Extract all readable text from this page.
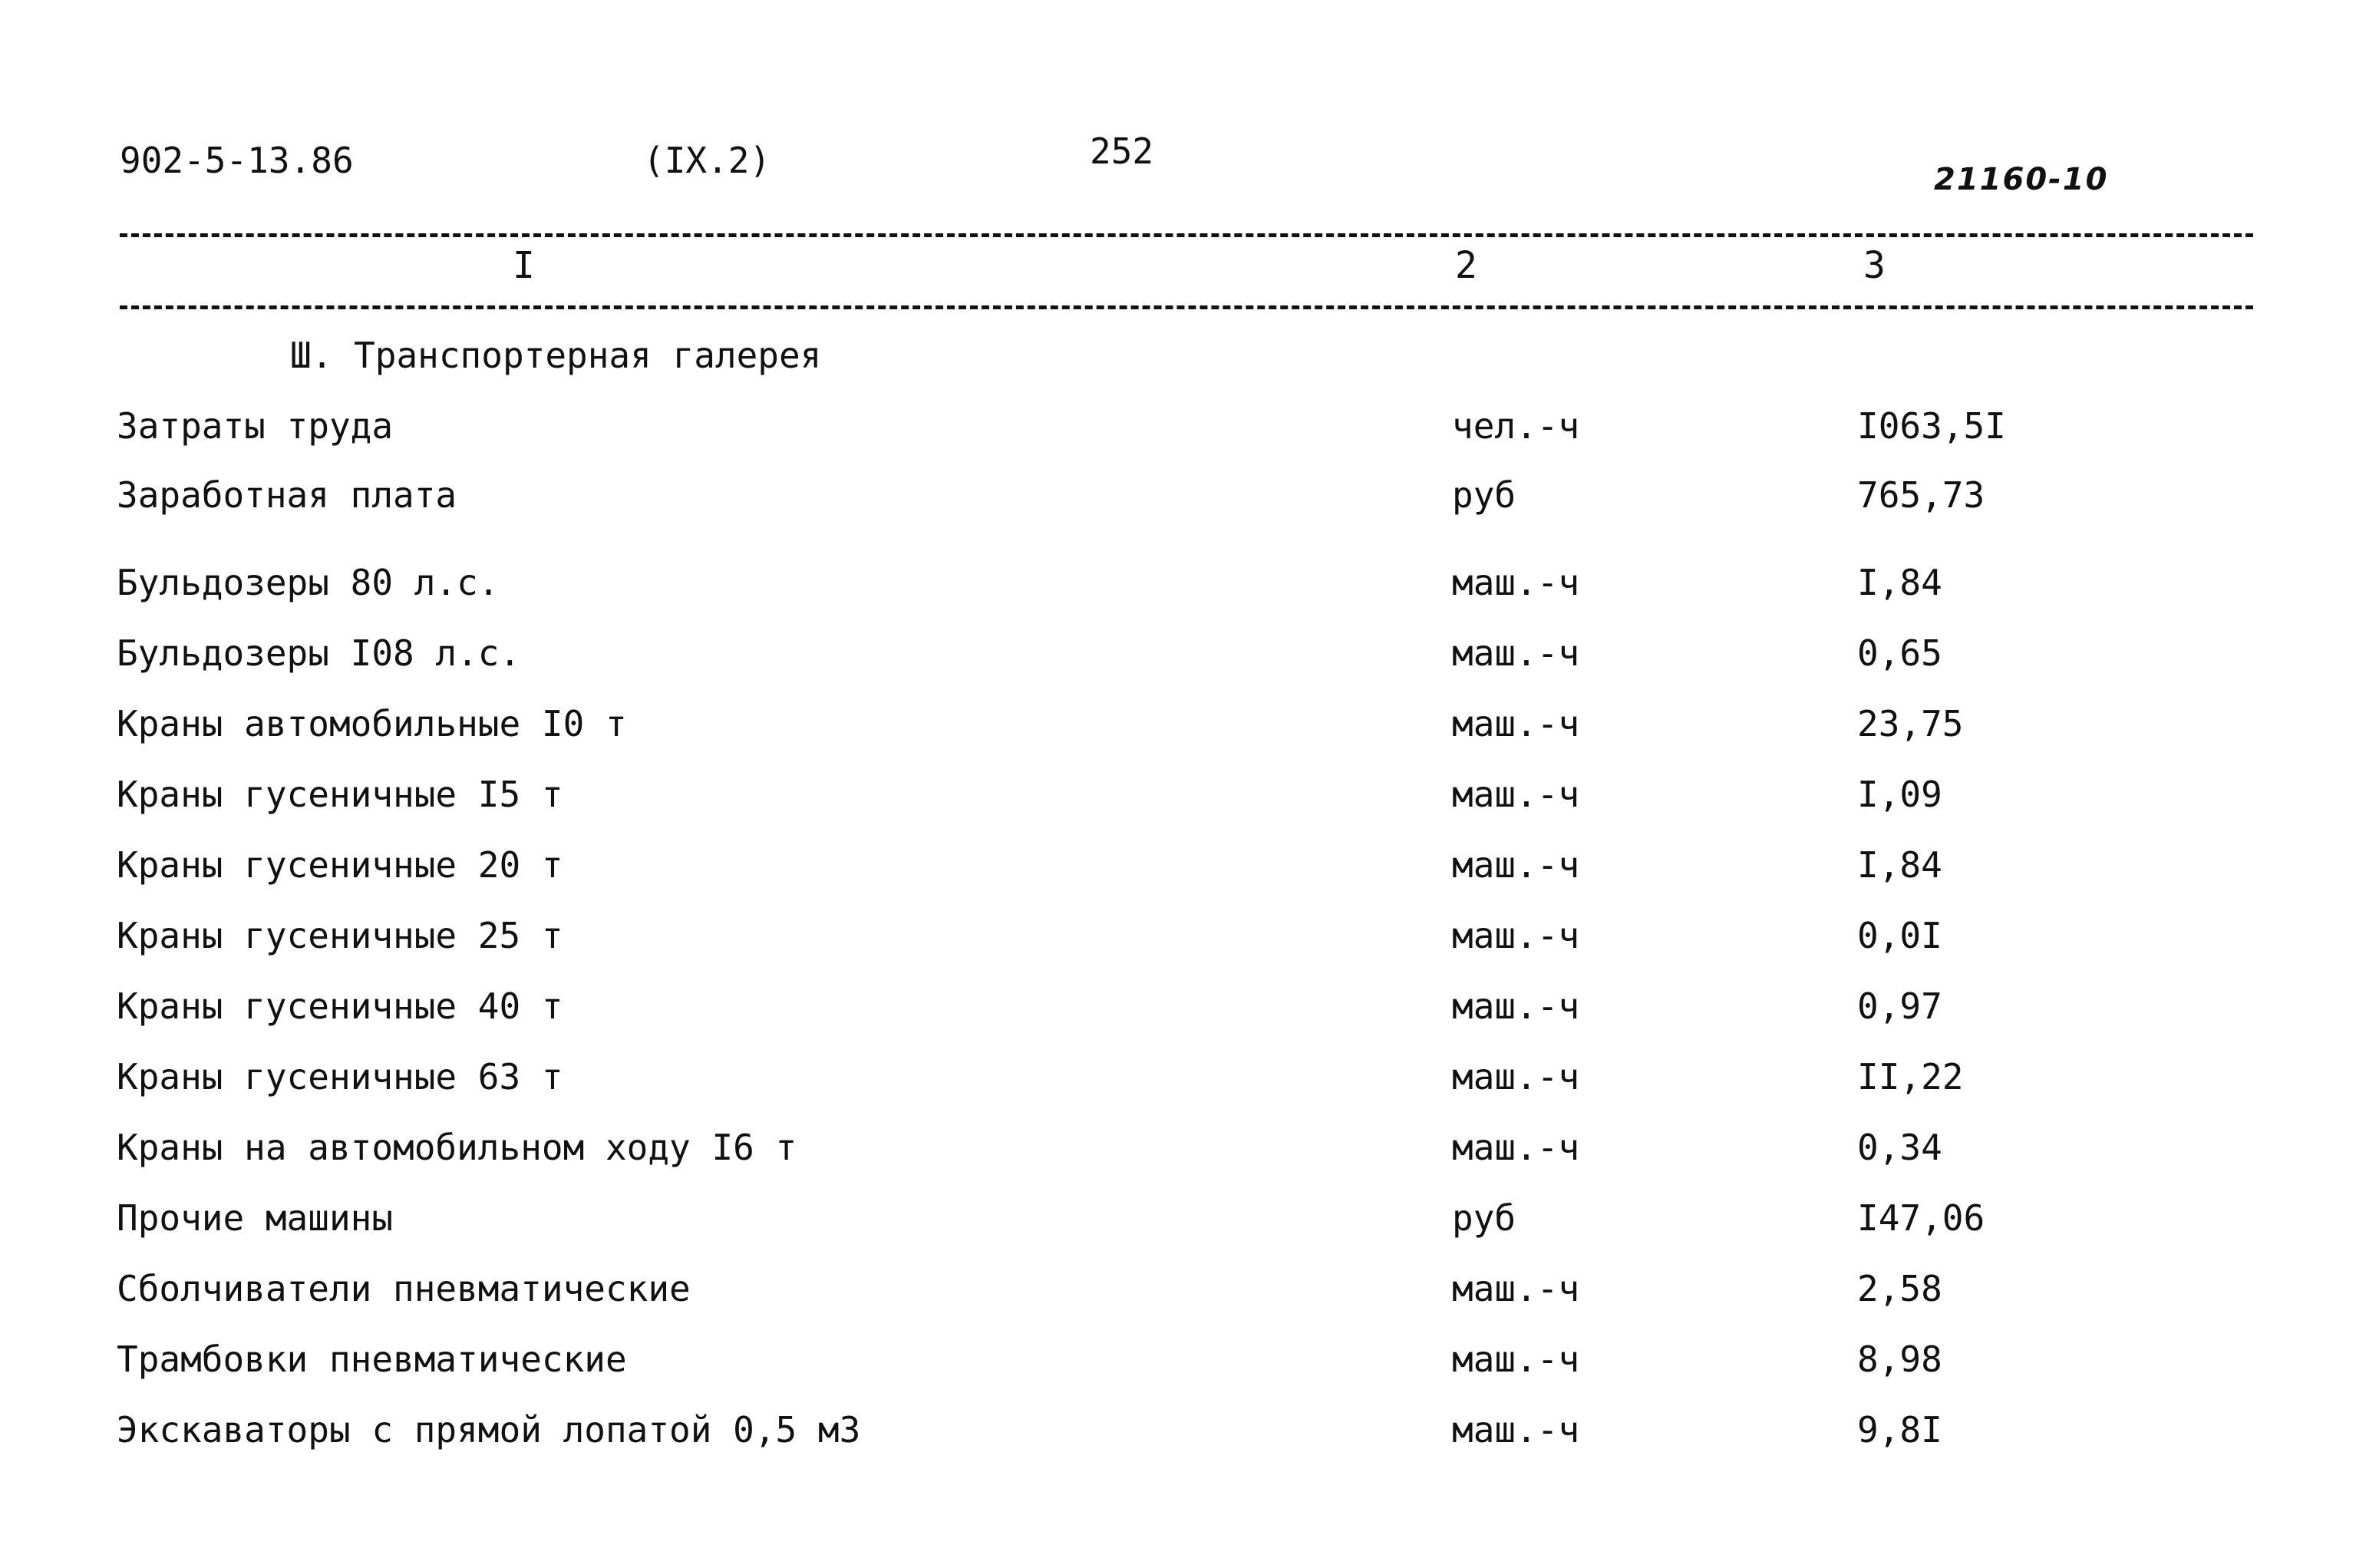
902-5-13.86	(IX.2)	252
21160-10
I	2	3
Ш. Транспортерная галерея
Затраты труда	чел.-ч	I063,5I
Заработная плата	руб	765,73
Бульдозеры 80 л.с.	маш.-ч	I,84
Бульдозеры I08 л.с.	маш.-ч	0,65
Краны автомобильные I0 т	маш.-ч	23,75
Краны гусеничные I5 т	маш.-ч	I,09
Краны гусеничные 20 т	маш.-ч	I,84
Краны гусеничные 25 т	маш.-ч	0,0I
Краны гусеничные 40 т	маш.-ч	0,97
Краны гусеничные 63 т	маш.-ч	II,22
Краны на автомобильном ходу I6 т	маш.-ч	0,34
Прочие машины	руб	I47,06
Сболчиватели пневматические	маш.-ч	2,58
Трамбовки пневматические	маш.-ч	8,98
Экскаваторы с прямой лопатой 0,5 м3	маш.-ч	9,8I
